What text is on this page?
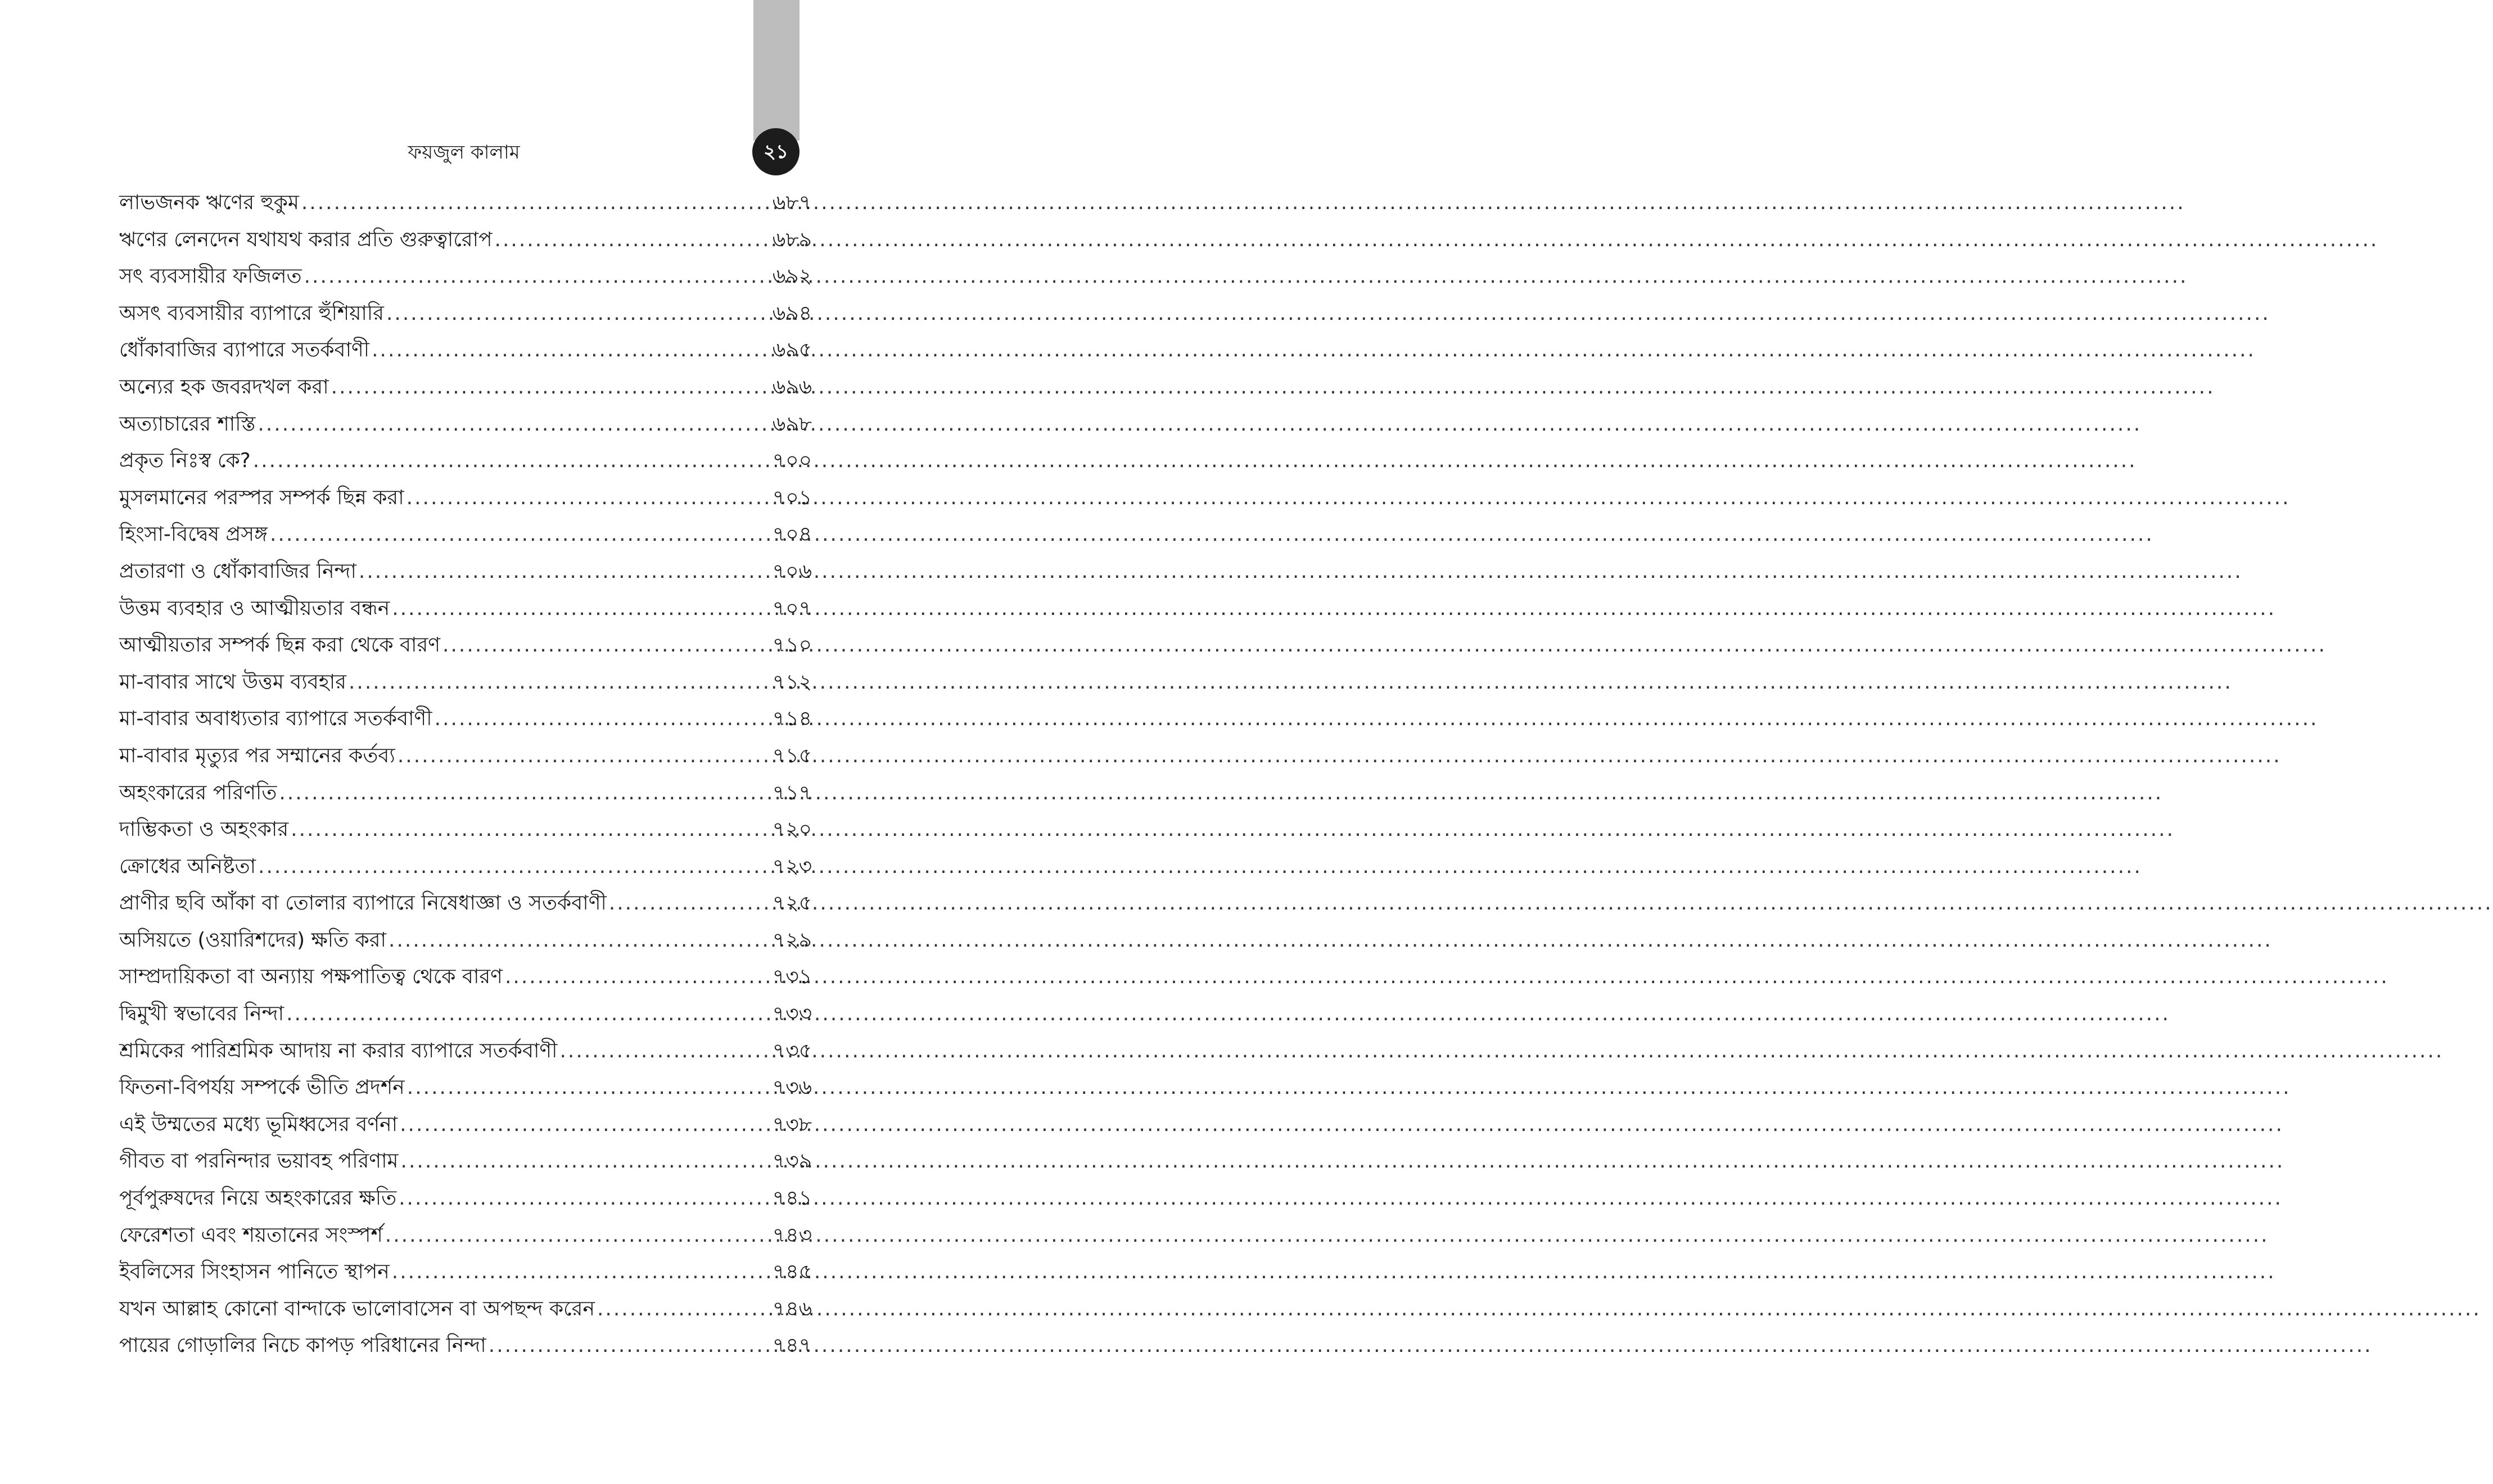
২১
ফয়জুল কালাম
লাভজনক ঋণের হুকুম .....	৬৮৭
ঋণের লেনদেন যথাযথ করার প্রতি গুরুত্বারোপ .....	৬৮৯
সৎ ব্যবসায়ীর ফজিলত .....	৬৯২
অসৎ ব্যবসায়ীর ব্যাপারে হুঁশিয়ারি .....	৬৯৪
ধোঁকাবাজির ব্যাপারে সতর্কবাণী .....	৬৯৫
অন্যের হক জবরদখল করা .....	৬৯৬
অত্যাচারের শাস্তি .....	৬৯৮
প্রকৃত নিঃস্ব কে? .....	৭০০
মুসলমানের পরস্পর সম্পর্ক ছিন্ন করা .....	৭০১
হিংসা-বিদ্বেষ প্রসঙ্গ .....	৭০৪
প্রতারণা ও ধোঁকাবাজির নিন্দা .....	৭০৬
উত্তম ব্যবহার ও আত্মীয়তার বন্ধন .....	৭০৭
আত্মীয়তার সম্পর্ক ছিন্ন করা থেকে বারণ .....	৭১০
মা-বাবার সাথে উত্তম ব্যবহার .....	৭১২
মা-বাবার অবাধ্যতার ব্যাপারে সতর্কবাণী .....	৭১৪
মা-বাবার মৃত্যুর পর সম্মানের কর্তব্য .....	৭১৫
অহংকারের পরিণতি .....	৭১৭
দাম্ভিকতা ও অহংকার .....	৭২০
ক্রোধের অনিষ্টতা .....	৭২৩
প্রাণীর ছবি আঁকা বা তোলার ব্যাপারে নিষেধাজ্ঞা ও সতর্কবাণী .....	৭২৫
অসিয়তে (ওয়ারিশদের) ক্ষতি করা .....	৭২৯
সাম্প্রদায়িকতা বা অন্যায় পক্ষপাতিত্ব থেকে বারণ .....	৭৩১
দ্বিমুখী স্বভাবের নিন্দা .....	৭৩৩
শ্রমিকের পারিশ্রমিক আদায় না করার ব্যাপারে সতর্কবাণী .....	৭৩৫
ফিতনা-বিপর্যয় সম্পর্কে ভীতি প্রদর্শন .....	৭৩৬
এই উম্মতের মধ্যে ভূমিধ্বসের বর্ণনা .....	৭৩৮
গীবত বা পরনিন্দার ভয়াবহ পরিণাম .....	৭৩৯
পূর্বপুরুষদের নিয়ে অহংকারের ক্ষতি .....	৭৪১
ফেরেশতা এবং শয়তানের সংস্পর্শ .....	৭৪৩
ইবলিসের সিংহাসন পানিতে স্থাপন .....	৭৪৫
যখন আল্লাহ কোনো বান্দাকে ভালোবাসেন বা অপছন্দ করেন .....	৭৪৬
পায়ের গোড়ালির নিচে কাপড় পরিধানের নিন্দা .....	৭৪৭
